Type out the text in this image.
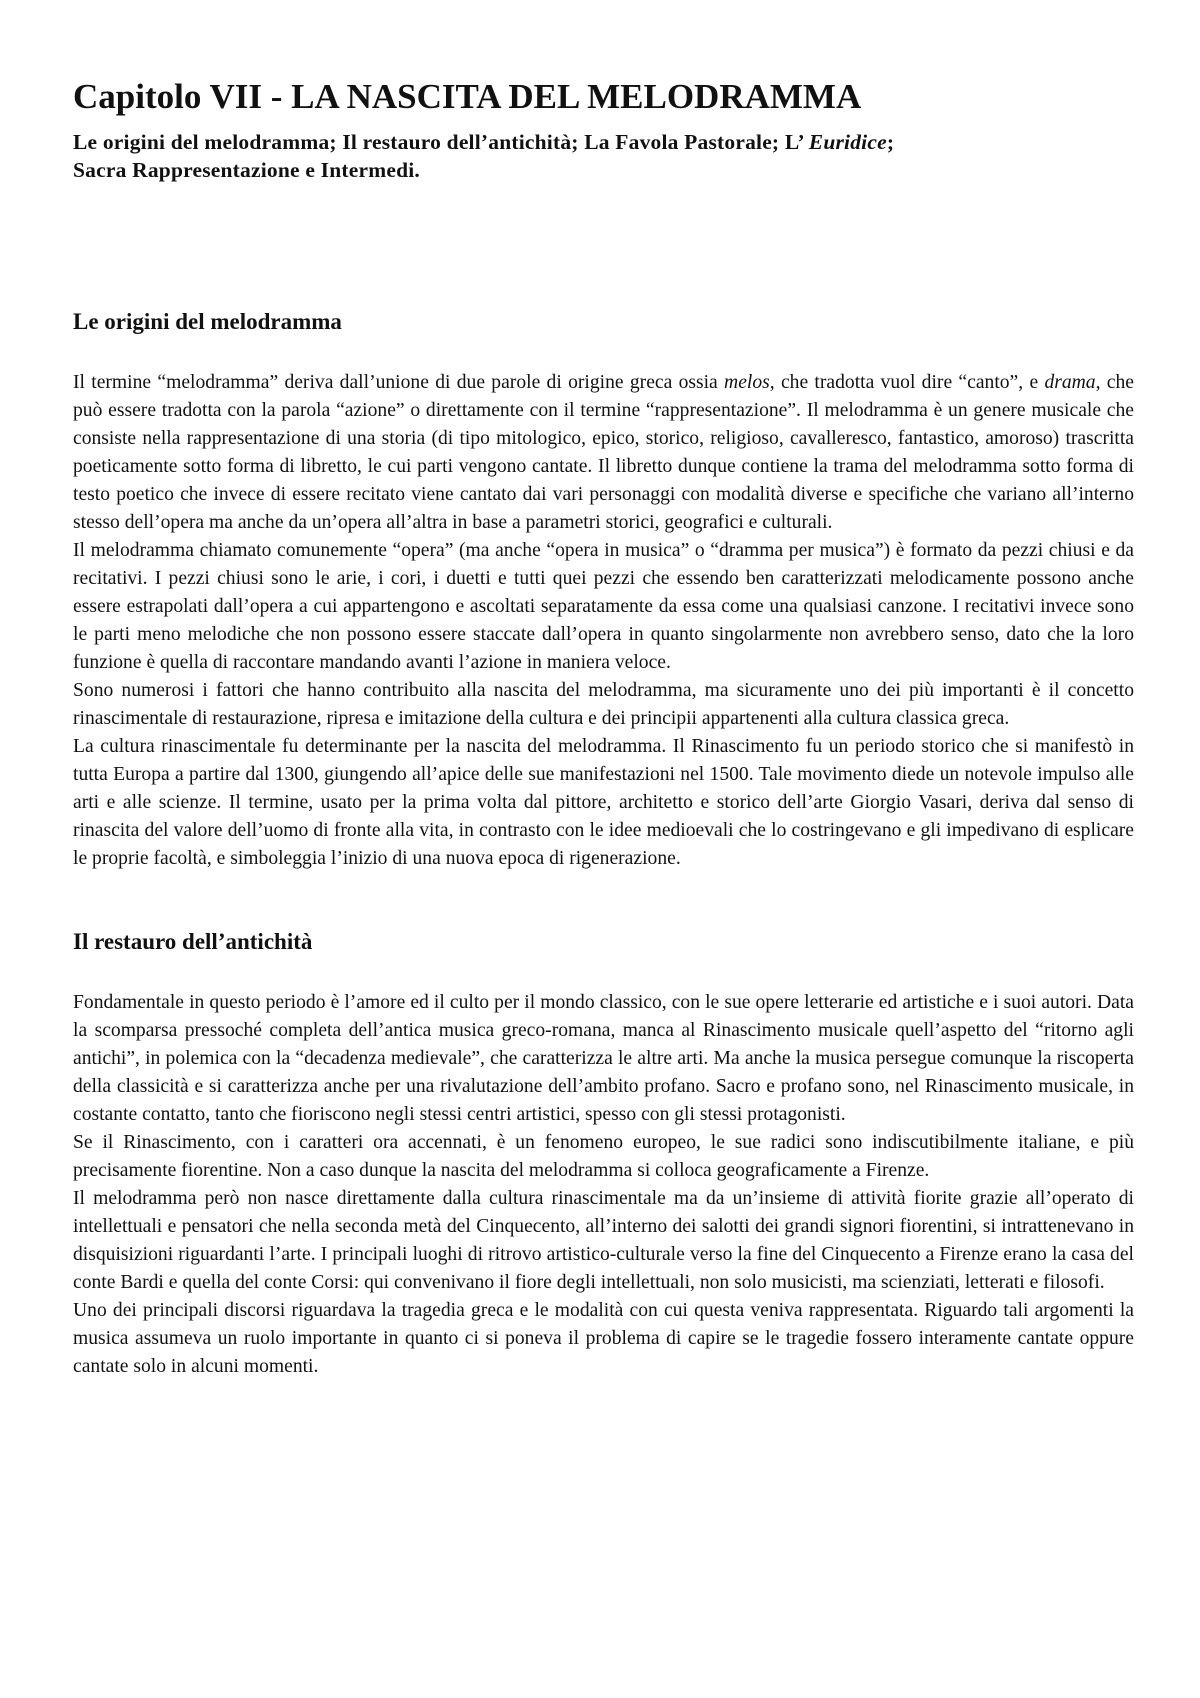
Capitolo VII - LA NASCITA DEL MELODRAMMA
Le origini del melodramma; Il restauro dell’antichità; La Favola Pastorale; L’ Euridice;
Sacra Rappresentazione e Intermedi.
Le origini del melodramma

Il termine “melodramma” deriva dall’unione di due parole di origine greca ossia melos, che tradotta vuol dire “canto”, e drama, che può essere tradotta con la parola “azione” o direttamente con il termine “rappresentazione”. Il melodramma è un genere musicale che consiste nella rappresentazione di una storia (di tipo mitologico, epico, storico, religioso, cavalleresco, fantastico, amoroso) trascritta poeticamente sotto forma di libretto, le cui parti vengono cantate. Il libretto dunque contiene la trama del melodramma sotto forma di testo poetico che invece di essere recitato viene cantato dai vari personaggi con modalità diverse e specifiche che variano all’interno stesso dell’opera ma anche da un’opera all’altra in base a parametri storici, geografici e culturali.

Il melodramma chiamato comunemente “opera” (ma anche “opera in musica” o “dramma per musica”) è formato da pezzi chiusi e da recitativi. I pezzi chiusi sono le arie, i cori, i duetti e tutti quei pezzi che essendo ben caratterizzati melodicamente possono anche essere estrapolati dall’opera a cui appartengono e ascoltati separatamente da essa come una qualsiasi canzone. I recitativi invece sono le parti meno melodiche che non possono essere staccate dall’opera in quanto singolarmente non avrebbero senso, dato che la loro funzione è quella di raccontare mandando avanti l’azione in maniera veloce.

Sono numerosi i fattori che hanno contribuito alla nascita del melodramma, ma sicuramente uno dei più importanti è il concetto rinascimentale di restaurazione, ripresa e imitazione della cultura e dei principii appartenenti alla cultura classica greca.

La cultura rinascimentale fu determinante per la nascita del melodramma. Il Rinascimento fu un periodo storico che si manifestò in tutta Europa a partire dal 1300, giungendo all’apice delle sue manifestazioni nel 1500. Tale movimento diede un notevole impulso alle arti e alle scienze. Il termine, usato per la prima volta dal pittore, architetto e storico dell’arte Giorgio Vasari, deriva dal senso di rinascita del valore dell’uomo di fronte alla vita, in contrasto con le idee medioevali che lo costringevano e gli impedivano di esplicare le proprie facoltà, e simboleggia l’inizio di una nuova epoca di rigenerazione.

Il restauro dell’antichità

Fondamentale in questo periodo è l’amore ed il culto per il mondo classico, con le sue opere letterarie ed artistiche e i suoi autori. Data la scomparsa pressoché completa dell’antica musica greco-romana, manca al Rinascimento musicale quell’aspetto del “ritorno agli antichi”, in polemica con la “decadenza medievale”, che caratterizza le altre arti. Ma anche la musica persegue comunque la riscoperta della classicità e si caratterizza anche per una rivalutazione dell’ambito profano. Sacro e profano sono, nel Rinascimento musicale, in costante contatto, tanto che fioriscono negli stessi centri artistici, spesso con gli stessi protagonisti.

Se il Rinascimento, con i caratteri ora accennati, è un fenomeno europeo, le sue radici sono indiscutibilmente italiane, e più precisamente fiorentine. Non a caso dunque la nascita del melodramma si colloca geograficamente a Firenze.

Il melodramma però non nasce direttamente dalla cultura rinascimentale ma da un’insieme di attività fiorite grazie all’operato di intellettuali e pensatori che nella seconda metà del Cinquecento, all’interno dei salotti dei grandi signori fiorentini, si intrattenevano in disquisizioni riguardanti l’arte. I principali luoghi di ritrovo artistico-culturale verso la fine del Cinquecento a Firenze erano la casa del conte Bardi e quella del conte Corsi: qui convenivano il fiore degli intellettuali, non solo musicisti, ma scienziati, letterati e filosofi.

Uno dei principali discorsi riguardava la tragedia greca e le modalità con cui questa veniva rappresentata. Riguardo tali argomenti la musica assumeva un ruolo importante in quanto ci si poneva il problema di capire se le tragedie fossero interamente cantate oppure cantate solo in alcuni momenti.
